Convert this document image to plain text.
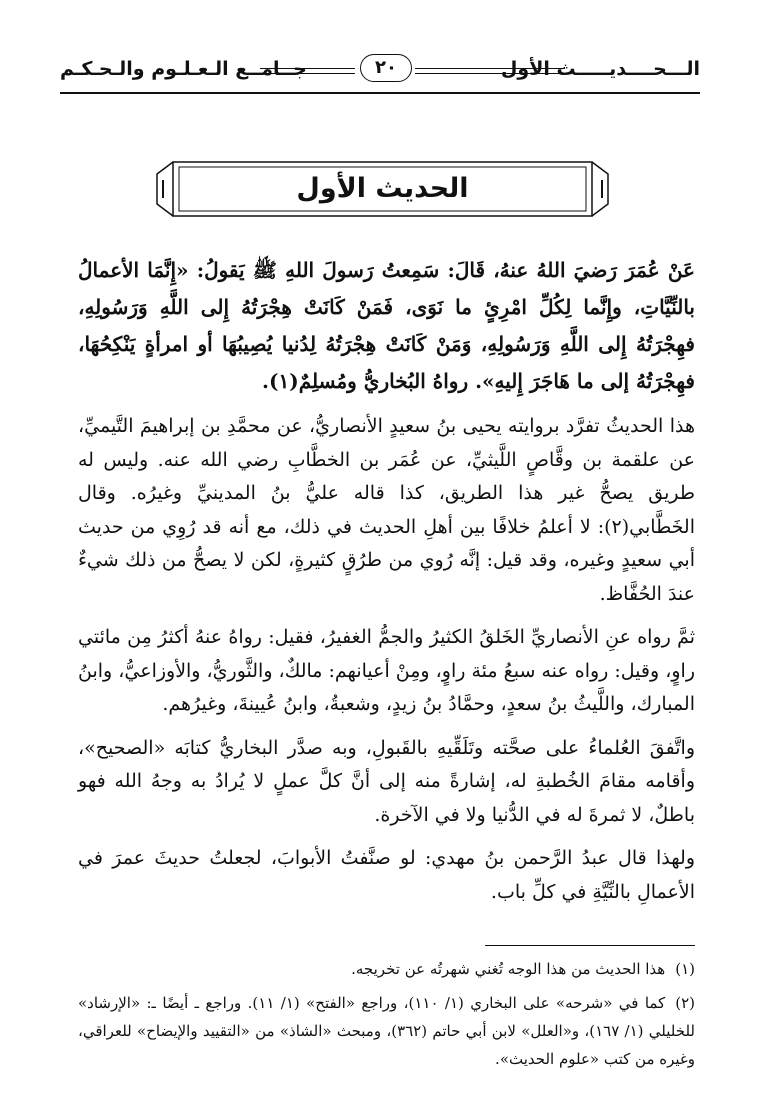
الـــحــــديـــــث الأول
٢٠
جــامــع الـعـلـوم والـحـكـم
الحديث الأول

عَنْ عُمَرَ رَضيَ اللهُ عنهُ، قَالَ: سَمِعتُ رَسولَ اللهِ ﷺ يَقولُ: «إِنَّمَا الأعمالُ بالنِّيَّاتِ، وإِنَّما لِكُلِّ امْرِئٍ ما نَوَى، فَمَنْ كَانَتْ هِجْرَتُهُ إِلى اللَّهِ وَرَسُولِهِ، فهِجْرَتُهُ إِلى اللَّهِ وَرَسُولِهِ، وَمَنْ كَانَتْ هِجْرَتُهُ لِدُنيا يُصِيبُهَا أو امرأةٍ يَنْكِحُهَا، فهِجْرَتُهُ إلى ما هَاجَرَ إِليهِ». رواهُ البُخاريُّ ومُسلِمٌ(١).

هذا الحديثُ تفرَّد بروايته يحيى بنُ سعيدٍ الأنصاريُّ، عن محمَّدِ بن إبراهيمَ التَّيميِّ، عن علقمة بن وقَّاصٍ اللَّيثيِّ، عن عُمَر بن الخطَّابِ رضي الله عنه. وليس له طريق يصحُّ غير هذا الطريق، كذا قاله عليُّ بنُ المدينيِّ وغيرُه. وقال الخَطَّابي(٢): لا أعلمُ خلافًا بين أهلِ الحديث في ذلك، مع أنه قد رُوِي من حديث أبي سعيدٍ وغيره، وقد قيل: إنَّه رُوي من طرُقٍ كثيرةٍ، لكن لا يصحُّ من ذلك شيءٌ عندَ الحُفَّاظ.

ثمَّ رواه عنِ الأنصاريِّ الخَلقُ الكثيرُ والجمُّ الغفيرُ، فقيل: رواهُ عنهُ أكثرُ مِن مائتي راوٍ، وقيل: رواه عنه سبعُ مئة راوٍ، ومِنْ أعيانهم: مالكٌ، والثَّوريُّ، والأوزاعيُّ، وابنُ المبارك، واللَّيثُ بنُ سعدٍ، وحمَّادُ بنُ زيدٍ، وشعبةُ، وابنُ عُيينةَ، وغيرُهم.

واتَّفقَ العُلماءُ على صحَّته وتَلَقِّيهِ بالقَبولِ، وبه صدَّر البخاريُّ كتابَه «الصحيح»، وأقامه مقامَ الخُطبةِ له، إشارةً منه إلى أنَّ كلَّ عملٍ لا يُرادُ به وجهُ الله فهو باطلٌ، لا ثمرةَ له في الدُّنيا ولا في الآخرة.

ولهذا قال عبدُ الرَّحمن بنُ مهدي: لو صنَّفتُ الأبوابَ، لجعلتُ حديثَ عمرَ في الأعمالِ بالنِّيَّةِ في كلِّ باب.

(١)هذا الحديث من هذا الوجه تُغني شهرتُه عن تخريجه.

(٢)كما في «شرحه» على البخاري (١/ ١١٠)، وراجع «الفتح» (١/ ١١). وراجع ـ أيضًا ـ: «الإرشاد» للخليلي (١/ ١٦٧)، و«العلل» لابن أبي حاتم (٣٦٢)، ومبحث «الشاذ» من «التقييد والإيضاح» للعراقي، وغيره من كتب «علوم الحديث».
